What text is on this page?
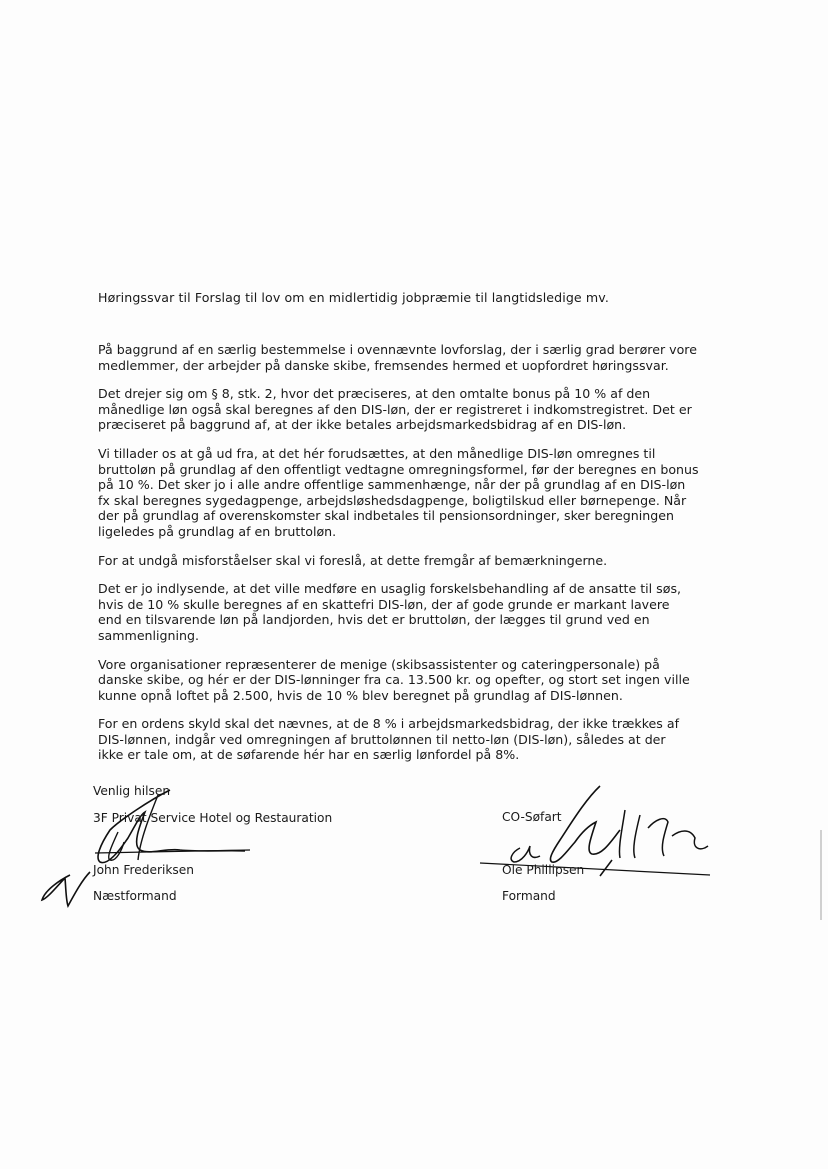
Høringssvar til Forslag til lov om en midlertidig jobpræmie til langtidsledige mv.

På baggrund af en særlig bestemmelse i ovennævnte lovforslag, der i særlig grad berører vore
medlemmer, der arbejder på danske skibe, fremsendes hermed et uopfordret høringssvar.

Det drejer sig om § 8, stk. 2, hvor det præciseres, at den omtalte bonus på 10 % af den
månedlige løn også skal beregnes af den DIS-løn, der er registreret i indkomstregistret. Det er
præciseret på baggrund af, at der ikke betales arbejdsmarkedsbidrag af en DIS-løn.

Vi tillader os at gå ud fra, at det hér forudsættes, at den månedlige DIS-løn omregnes til
bruttoløn på grundlag af den offentligt vedtagne omregningsformel, før der beregnes en bonus
på 10 %. Det sker jo i alle andre offentlige sammenhænge, når der på grundlag af en DIS-løn
fx skal beregnes sygedagpenge, arbejdsløshedsdagpenge, boligtilskud eller børnepenge. Når
der på grundlag af overenskomster skal indbetales til pensionsordninger, sker beregningen
ligeledes på grundlag af en bruttoløn.

For at undgå misforståelser skal vi foreslå, at dette fremgår af bemærkningerne.

Det er jo indlysende, at det ville medføre en usaglig forskelsbehandling af de ansatte til søs,
hvis de 10 % skulle beregnes af en skattefri DIS-løn, der af gode grunde er markant lavere
end en tilsvarende løn på landjorden, hvis det er bruttoløn, der lægges til grund ved en
sammenligning.

Vore organisationer repræsenterer de menige (skibsassistenter og cateringpersonale) på
danske skibe, og hér er der DIS-lønninger fra ca. 13.500 kr. og opefter, og stort set ingen ville
kunne opnå loftet på 2.500, hvis de 10 % blev beregnet på grundlag af DIS-lønnen.

For en ordens skyld skal det nævnes, at de 8 % i arbejdsmarkedsbidrag, der ikke trækkes af
DIS-lønnen, indgår ved omregningen af bruttolønnen til netto-løn (DIS-løn), således at der
ikke er tale om, at de søfarende hér har en særlig lønfordel på 8%.

Venlig hilsen
3F Privat Service Hotel og Restauration
John Frederiksen
Næstformand
CO-Søfart
Ole Phillipsen
Formand
